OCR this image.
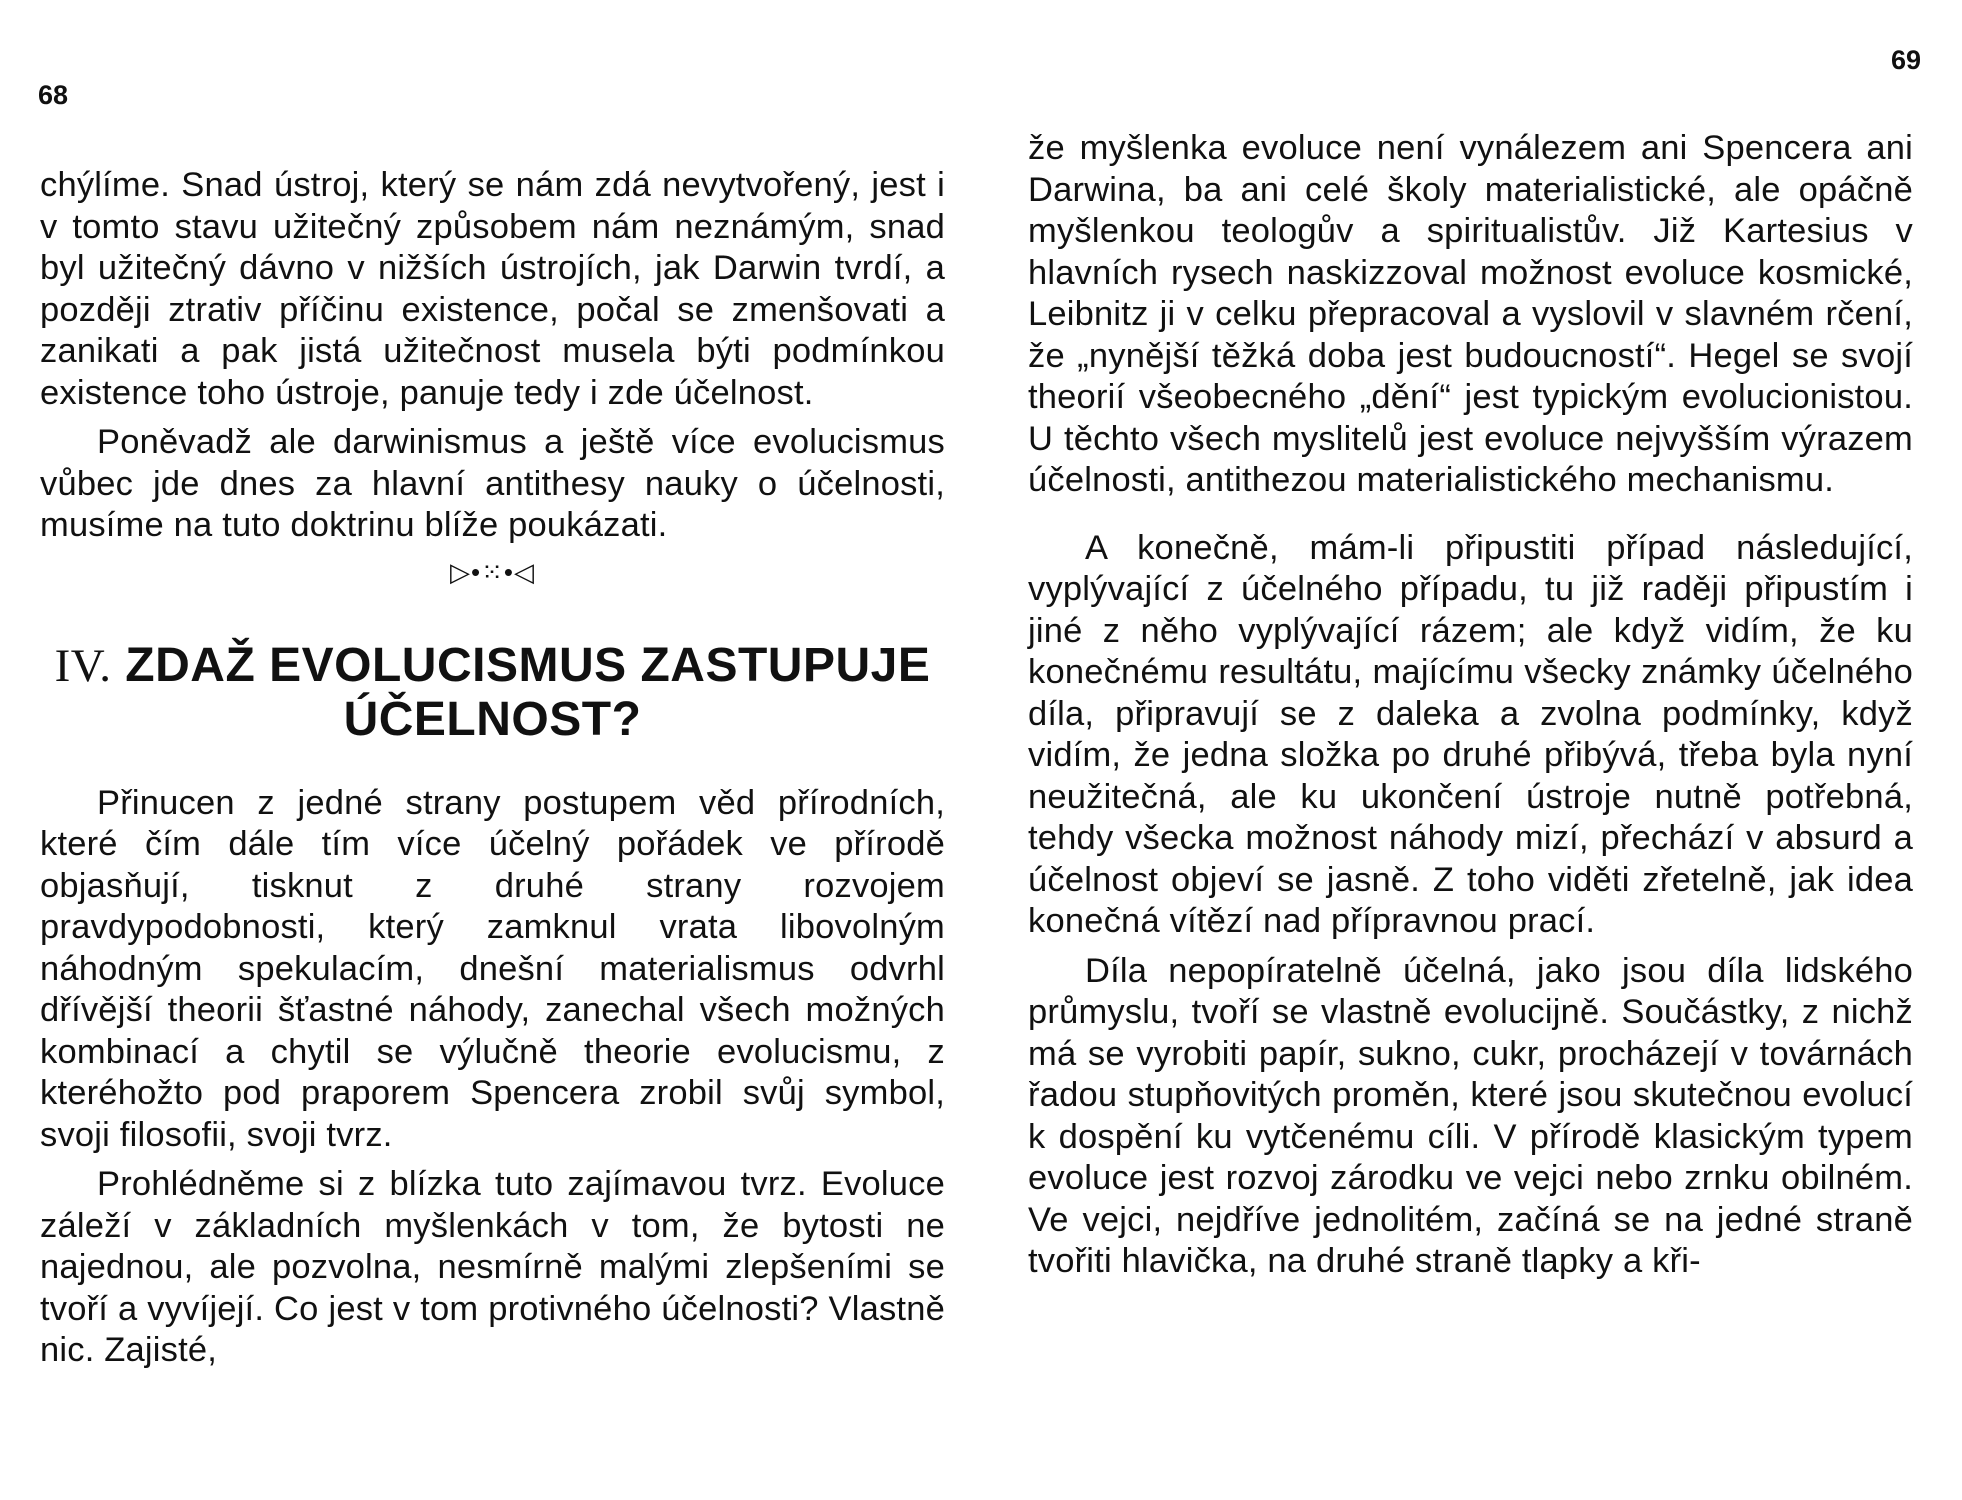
68

chýlíme. Snad ústroj, který se nám zdá nevytvořený, jest i v tomto stavu užitečný způsobem nám neznámým, snad byl užitečný dávno v nižších ústrojích, jak Darwin tvrdí, a později ztrativ příčinu existence, počal se zmenšovati a zanikati a pak jistá užitečnost musela býti podmínkou existence toho ústroje, panuje tedy i zde účelnost.

Poněvadž ale darwinismus a ještě více evolucismus vůbec jde dnes za hlavní antithesy nauky o účelnosti, musíme na tuto doktrinu blíže poukázati.

▷•⁙•◁
IV. ZDAŽ EVOLUCISMUS ZASTUPUJE ÚČELNOST?

Přinucen z jedné strany postupem věd přírodních, které čím dále tím více účelný pořádek ve přírodě objasňují, tisknut z druhé strany rozvojem pravdypodobnosti, který zamknul vrata libovolným náhodným spekulacím, dnešní materialismus odvrhl dřívější theorii šťastné náhody, zanechal všech možných kombinací a chytil se výlučně theorie evolucismu, z kteréhožto pod praporem Spencera zrobil svůj symbol, svoji filosofii, svoji tvrz.

Prohlédněme si z blízka tuto zajímavou tvrz. Evoluce záleží v základních myšlenkách v tom, že bytosti ne najednou, ale pozvolna, nesmírně malými zlepšeními se tvoří a vyvíjejí. Co jest v tom protivného účelnosti? Vlastně nic. Zajisté,

69

že myšlenka evoluce není vynálezem ani Spencera ani Darwina, ba ani celé školy materialistické, ale opáčně myšlenkou teologův a spiritualistův. Již Kartesius v hlavních rysech naskizzoval možnost evoluce kosmické, Leibnitz ji v celku přepracoval a vyslovil v slavném rčení, že „nynější těžká doba jest budoucností“. Hegel se svojí theorií všeobecného „dění“ jest typickým evolucionistou. U těchto všech myslitelů jest evoluce nejvyšším výrazem účelnosti, antithezou materialistického mechanismu.

A konečně, mám-li připustiti případ následující, vyplývající z účelného případu, tu již raději připustím i jiné z něho vyplývající rázem; ale když vidím, že ku konečnému resultátu, majícímu všecky známky účelného díla, připravují se z daleka a zvolna podmínky, když vidím, že jedna složka po druhé přibývá, třeba byla nyní neužitečná, ale ku ukončení ústroje nutně potřebná, tehdy všecka možnost náhody mizí, přechází v absurd a účelnost objeví se jasně. Z toho viděti zřetelně, jak idea konečná vítězí nad přípravnou prací.

Díla nepopíratelně účelná, jako jsou díla lidského průmyslu, tvoří se vlastně evolucijně. Součástky, z nichž má se vyrobiti papír, sukno, cukr, procházejí v továrnách řadou stupňovitých proměn, které jsou skutečnou evolucí k dospění ku vytčenému cíli. V přírodě klasickým typem evoluce jest rozvoj zárodku ve vejci nebo zrnku obilném. Ve vejci, nejdříve jednolitém, začíná se na jedné straně tvořiti hlavička, na druhé straně tlapky a kři-
